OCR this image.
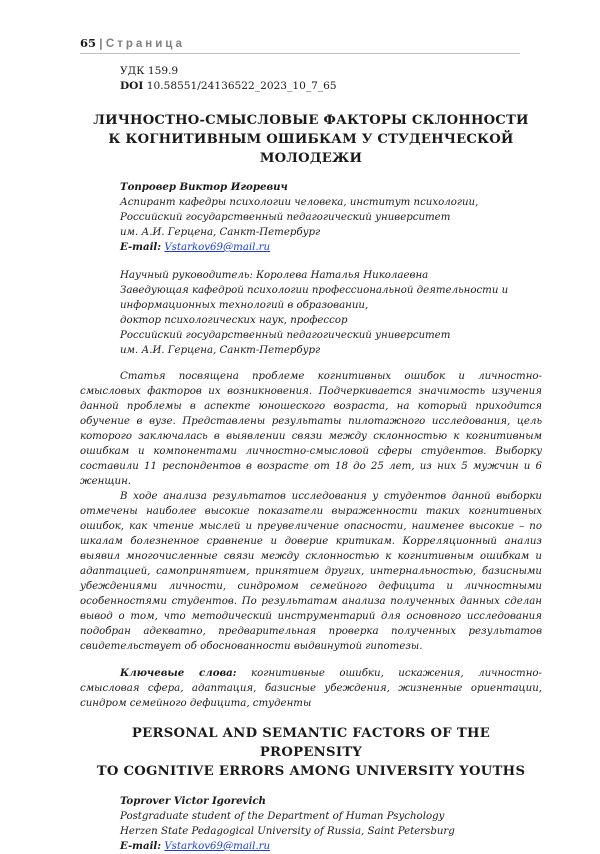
65 | Страница
УДК 159.9
DOI 10.58551/24136522_2023_10_7_65
ЛИЧНОСТНО-СМЫСЛОВЫЕ ФАКТОРЫ СКЛОННОСТИ
К КОГНИТИВНЫМ ОШИБКАМ У СТУДЕНЧЕСКОЙ
МОЛОДЕЖИ
Топровер Виктор Игоревич
Аспирант кафедры психологии человека, институт психологии,
Российский государственный педагогический университет
им. А.И. Герцена, Санкт-Петербург
E-mail: Vstarkov69@mail.ru
Научный руководитель: Королева Наталья Николаевна
Заведующая кафедрой психологии профессиональной деятельности и
информационных технологий в образовании,
доктор психологических наук, профессор
Российский государственный педагогический университет
им. А.И. Герцена, Санкт-Петербург

Статья посвящена проблеме когнитивных ошибок и личностно-смысловых факторов их возникновения. Подчеркивается значимость изучения данной проблемы в аспекте юношеского возраста, на который приходится обучение в вузе. Представлены результаты пилотажного исследования, цель которого заключалась в выявлении связи между склонностью к когнитивным ошибкам и компонентами личностно-смысловой сферы студентов. Выборку составили 11 респондентов в возрасте от 18 до 25 лет, из них 5 мужчин и 6 женщин.

В ходе анализа результатов исследования у студентов данной выборки отмечены наиболее высокие показатели выраженности таких когнитивных ошибок, как чтение мыслей и преувеличение опасности, наименее высокие – по шкалам болезненное сравнение и доверие критикам. Корреляционный анализ выявил многочисленные связи между склонностью к когнитивным ошибкам и адаптацией, самопринятием, принятием других, интернальностью, базисными убеждениями личности, синдромом семейного дефицита и личностными особенностями студентов. По результатам анализа полученных данных сделан вывод о том, что методический инструментарий для основного исследования подобран адекватно, предварительная проверка полученных результатов свидетельствует об обоснованности выдвинутой гипотезы.

Ключевые слова: когнитивные ошибки, искажения, личностно-смысловая сфера, адаптация, базисные убеждения, жизненные ориентации, синдром семейного дефицита, студенты
PERSONAL AND SEMANTIC FACTORS OF THE PROPENSITY
TO COGNITIVE ERRORS AMONG UNIVERSITY YOUTHS
Toprover Victor Igorevich
Postgraduate student of the Department of Human Psychology
Herzen State Pedagogical University of Russia, Saint Petersburg
E-mail: Vstarkov69@mail.ru
